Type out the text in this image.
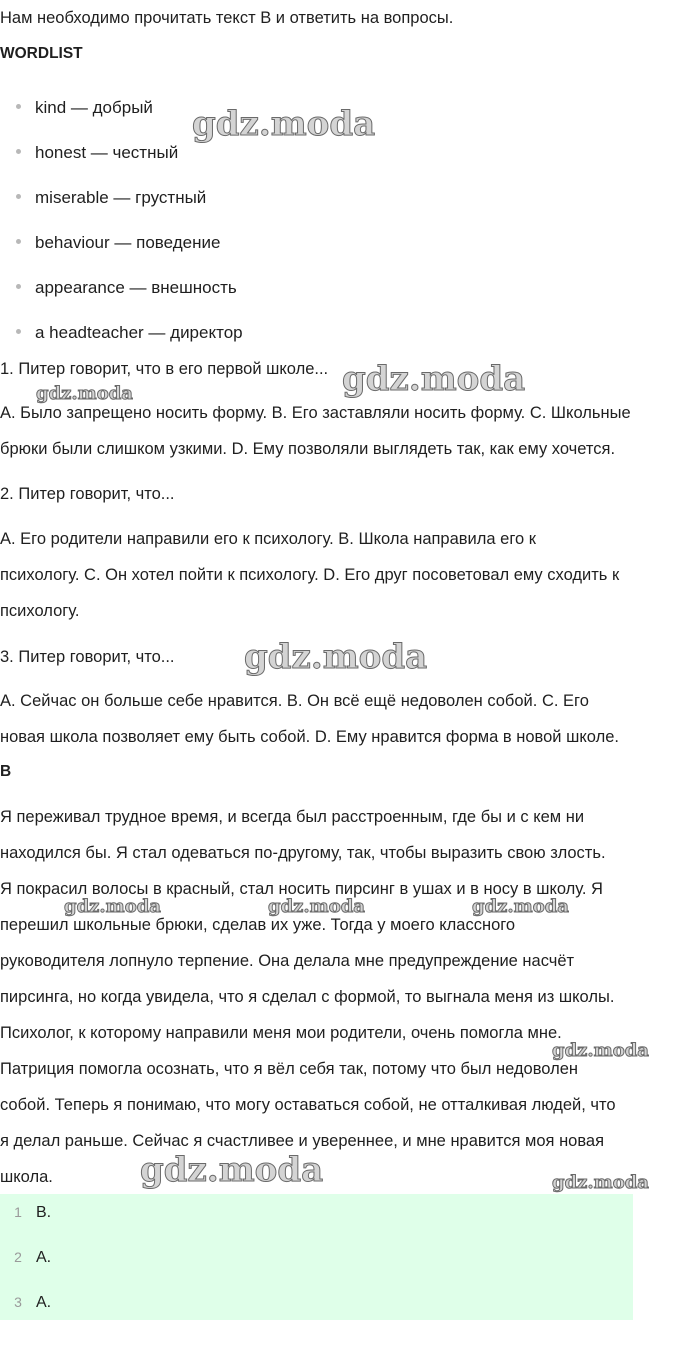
Нам необходимо прочитать текст B и ответить на вопросы.
WORDLIST
kind — добрый
honest — честный
miserable — грустный
behaviour — поведение
appearance — внешность
a headteacher — директор
1. Питер говорит, что в его первой школе...
А. Было запрещено носить форму. B. Его заставляли носить форму. C. Школьные
брюки были слишком узкими. D. Ему позволяли выглядеть так, как ему хочется.
2. Питер говорит, что...
А. Его родители направили его к психологу. B. Школа направила его к
психологу. C. Он хотел пойти к психологу. D. Его друг посоветовал ему сходить к
психологу.
3. Питер говорит, что...
А. Сейчас он больше себе нравится. B. Он всё ещё недоволен собой. C. Его
новая школа позволяет ему быть собой. D. Ему нравится форма в новой школе.
B
Я переживал трудное время, и всегда был расстроенным, где бы и с кем ни
находился бы. Я стал одеваться по-другому, так, чтобы выразить свою злость.
Я покрасил волосы в красный, стал носить пирсинг в ушах и в носу в школу. Я
перешил школьные брюки, сделав их уже. Тогда у моего классного
руководителя лопнуло терпение. Она делала мне предупреждение насчёт
пирсинга, но когда увидела, что я сделал с формой, то выгнала меня из школы.
Психолог, к которому направили меня мои родители, очень помогла мне.
Патриция помогла осознать, что я вёл себя так, потому что был недоволен
собой. Теперь я понимаю, что могу оставаться собой, не отталкивая людей, что
я делал раньше. Сейчас я счастливее и увереннее, и мне нравится моя новая
школа.
1 B.
2 A.
3 A.
gdz.moda
gdz.moda
gdz.moda
gdz.moda
gdz.moda	gdz.moda	gdz.moda
gdz.moda
gdz.moda	gdz.moda
